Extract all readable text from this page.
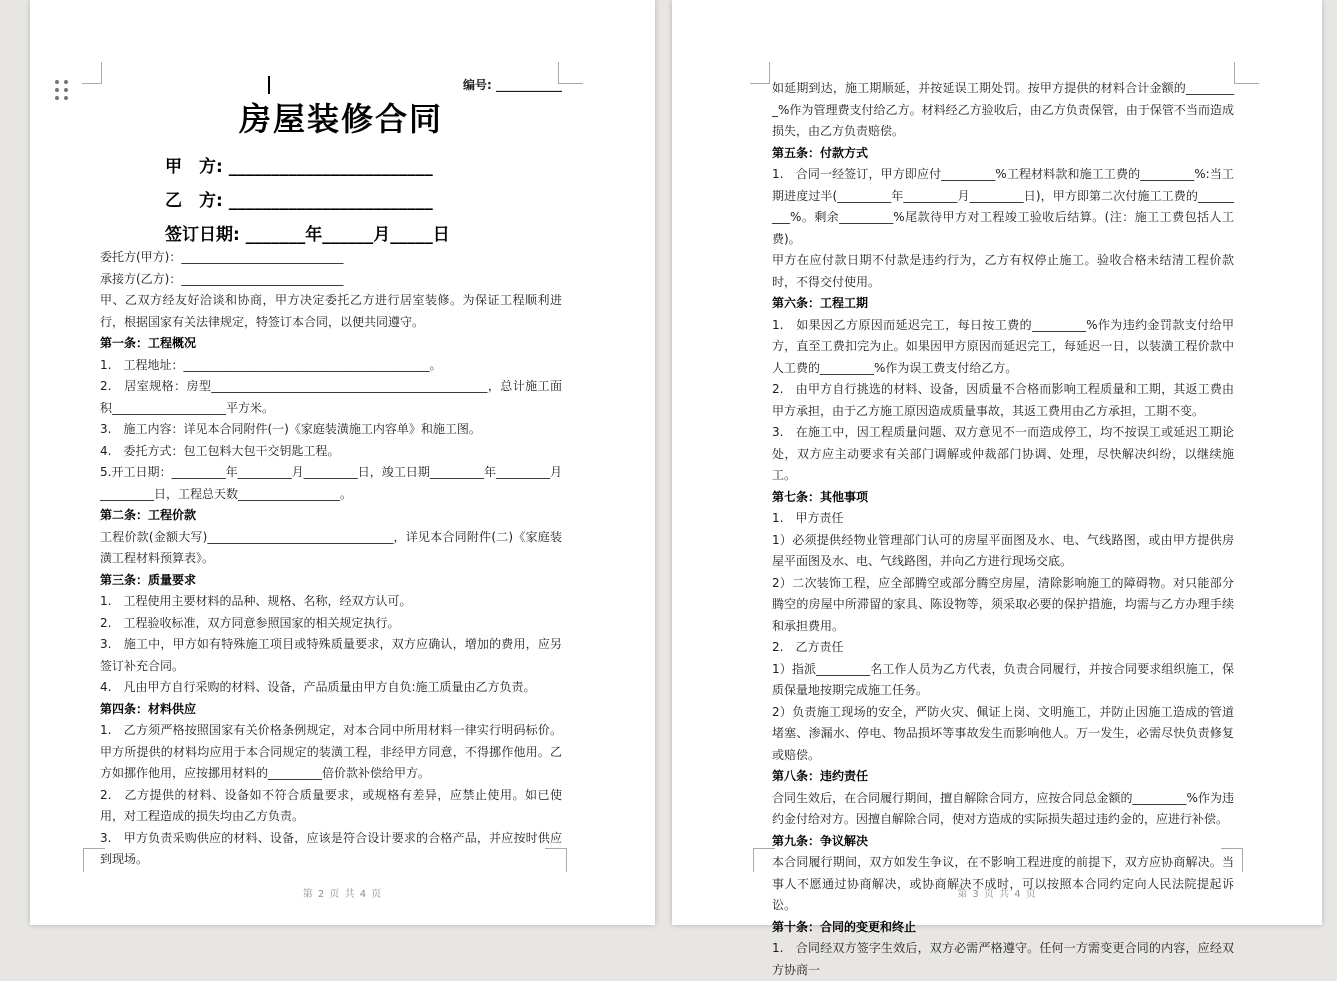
编号: ___________
房屋装修合同
甲　方: ________________________
乙　方: ________________________
签订日期: _______年______月_____日
委托方(甲方)：___________________________
承接方(乙方)：___________________________
甲、乙双方经友好洽谈和协商，甲方决定委托乙方进行居室装修。为保证工程顺利进行，根据国家有关法律规定，特签订本合同，以便共同遵守。
第一条：工程概况
1.　工程地址：_________________________________________。
2.　居室规格：房型______________________________________________，总计施工面积___________________平方米。
3.　施工内容：详见本合同附件(一)《家庭装潢施工内容单》和施工图。
4.　委托方式：包工包料大包干交钥匙工程。
5.开工日期：_________年_________月_________日，竣工日期_________年_________月_________日，工程总天数_________________。
第二条：工程价款
工程价款(金额大写)_______________________________，详见本合同附件(二)《家庭装潢工程材料预算表》。
第三条：质量要求
1.　工程使用主要材料的品种、规格、名称，经双方认可。
2.　工程验收标准，双方同意参照国家的相关规定执行。
3.　施工中，甲方如有特殊施工项目或特殊质量要求，双方应确认，增加的费用，应另签订补充合同。
4.　凡由甲方自行采购的材料、设备，产品质量由甲方自负:施工质量由乙方负责。
第四条：材料供应
1.　乙方须严格按照国家有关价格条例规定，对本合同中所用材料一律实行明码标价。甲方所提供的材料均应用于本合同规定的装潢工程，非经甲方同意，不得挪作他用。乙方如挪作他用，应按挪用材料的_________倍价款补偿给甲方。
2.　乙方提供的材料、设备如不符合质量要求，或规格有差异，应禁止使用。如已使用，对工程造成的损失均由乙方负责。
3.　甲方负责采购供应的材料、设备，应该是符合设计要求的合格产品，并应按时供应到现场。
第 2 页 共 4 页
如延期到达，施工期顺延，并按延误工期处罚。按甲方提供的材料合计金额的_________%作为管理费支付给乙方。材料经乙方验收后，由乙方负责保管，由于保管不当而造成损失，由乙方负责赔偿。
第五条：付款方式
1.　合同一经签订，甲方即应付_________%工程材料款和施工工费的_________%:当工期进度过半(_________年_________月_________日)，甲方即第二次付施工工费的_________%。剩余_________%尾款待甲方对工程竣工验收后结算。(注：施工工费包括人工费)。
甲方在应付款日期不付款是违约行为，乙方有权停止施工。验收合格未结清工程价款时，不得交付使用。
第六条：工程工期
1.　如果因乙方原因而延迟完工，每日按工费的_________%作为违约金罚款支付给甲方，直至工费扣完为止。如果因甲方原因而延迟完工，每延迟一日，以装潢工程价款中人工费的_________%作为误工费支付给乙方。
2.　由甲方自行挑选的材料、设备，因质量不合格而影响工程质量和工期，其返工费由甲方承担，由于乙方施工原因造成质量事故，其返工费用由乙方承担，工期不变。
3.　在施工中，因工程质量问题、双方意见不一而造成停工，均不按误工或延迟工期论处，双方应主动要求有关部门调解或仲裁部门协调、处理，尽快解决纠纷，以继续施工。
第七条：其他事项
1.　甲方责任
1）必须提供经物业管理部门认可的房屋平面图及水、电、气线路图，或由甲方提供房屋平面图及水、电、气线路图，并向乙方进行现场交底。
2）二次装饰工程，应全部腾空或部分腾空房屋，清除影响施工的障碍物。对只能部分腾空的房屋中所滞留的家具、陈设物等，须采取必要的保护措施，均需与乙方办理手续和承担费用。
2.　乙方责任
1）指派_________名工作人员为乙方代表，负责合同履行，并按合同要求组织施工，保质保量地按期完成施工任务。
2）负责施工现场的安全，严防火灾、佩证上岗、文明施工，并防止因施工造成的管道堵塞、渗漏水、停电、物品损坏等事故发生而影响他人。万一发生，必需尽快负责修复或赔偿。
第八条：违约责任
合同生效后，在合同履行期间，擅自解除合同方，应按合同总金额的_________%作为违约金付给对方。因擅自解除合同，使对方造成的实际损失超过违约金的，应进行补偿。
第九条：争议解决
本合同履行期间，双方如发生争议，在不影响工程进度的前提下，双方应协商解决。当事人不愿通过协商解决，或协商解决不成时，可以按照本合同约定向人民法院提起诉讼。
第十条：合同的变更和终止
1.　合同经双方签字生效后，双方必需严格遵守。任何一方需变更合同的内容，应经双方协商一
第 3 页 共 4 页
